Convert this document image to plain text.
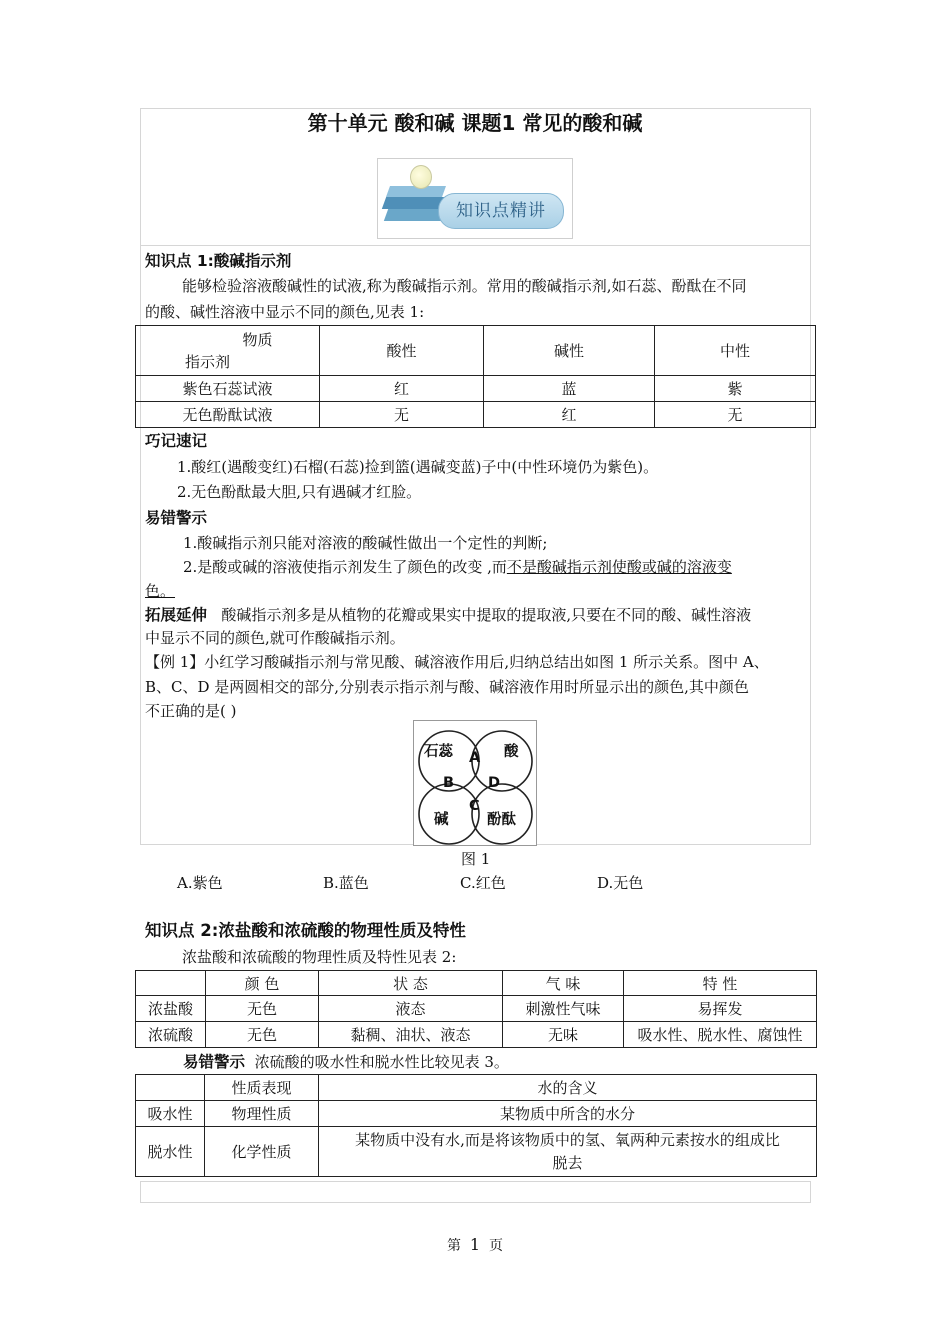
第十单元 酸和碱 课题1 常见的酸和碱
知识点精讲
知识点 1:酸碱指示剂
能够检验溶液酸碱性的试液,称为酸碱指示剂。常用的酸碱指示剂,如石蕊、酚酞在不同
的酸、碱性溶液中显示不同的颜色,见表 1:
物质
指示剂	酸性	碱性	中性
紫色石蕊试液	红	蓝	紫
无色酚酞试液	无	红	无
巧记速记
1.酸红(遇酸变红)石榴(石蕊)捡到篮(遇碱变蓝)子中(中性环境仍为紫色)。
2.无色酚酞最大胆,只有遇碱才红脸。
易错警示
1.酸碱指示剂只能对溶液的酸碱性做出一个定性的判断;
2.是酸或碱的溶液使指示剂发生了颜色的改变 ,而不是酸碱指示剂使酸或碱的溶液变
色。
拓展延伸 酸碱指示剂多是从植物的花瓣或果实中提取的提取液,只要在不同的酸、碱性溶液
中显示不同的颜色,就可作酸碱指示剂。
【例 1】小红学习酸碱指示剂与常见酸、碱溶液作用后,归纳总结出如图 1 所示关系。图中 A、
B、C、D 是两圆相交的部分,分别表示指示剂与酸、碱溶液作用时所显示出的颜色,其中颜色
不正确的是( )
石蕊	酸
碱	酚酞
A
B D
C
图 1
A.紫色	B.蓝色	C.红色	D.无色
知识点 2:浓盐酸和浓硫酸的物理性质及特性
浓盐酸和浓硫酸的物理性质及特性见表 2:
	颜 色	状 态	气 味	特 性
浓盐酸	无色	液态	刺激性气味	易挥发
浓硫酸	无色	黏稠、油状、液态	无味	吸水性、脱水性、腐蚀性
易错警示 浓硫酸的吸水性和脱水性比较见表 3。
	性质表现	水的含义
吸水性	物理性质	某物质中所含的水分
脱水性	化学性质	某物质中没有水,而是将该物质中的氢、氧两种元素按水的组成比
脱去
第 1 页
